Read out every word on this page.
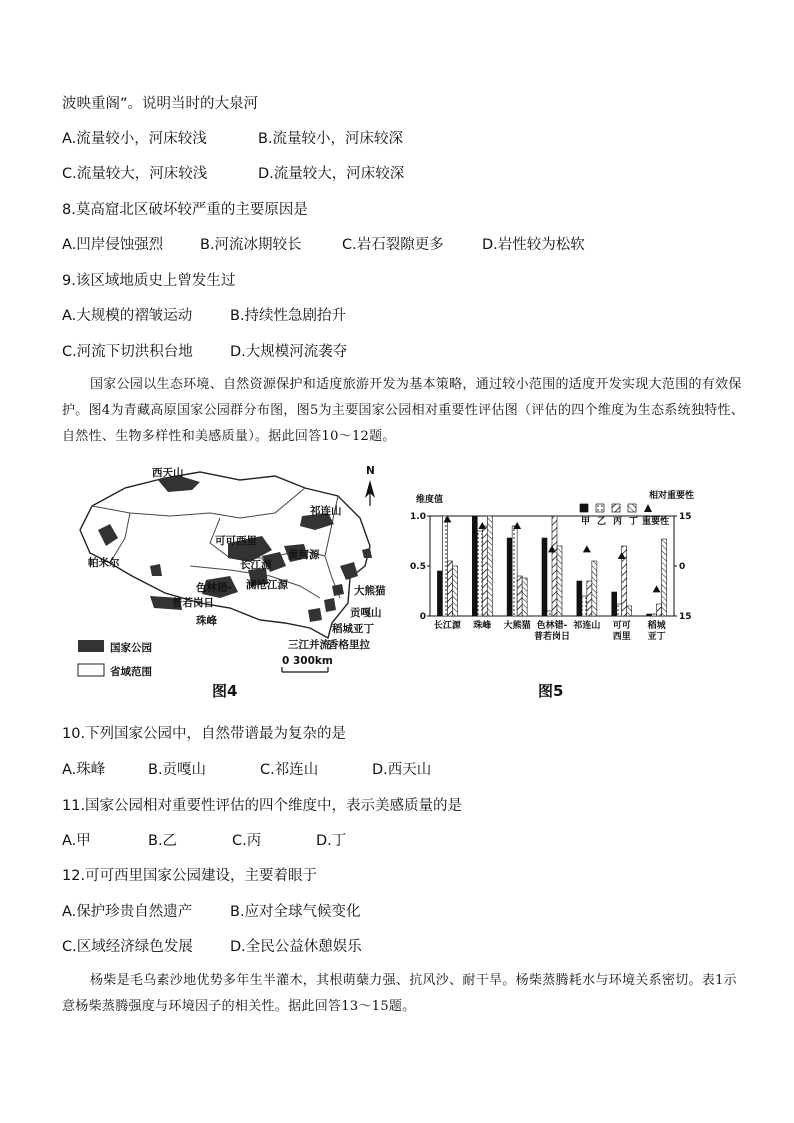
波映重阁”。说明当时的大泉河
A.流量较小，河床较浅	B.流量较小，河床较深
C.流量较大，河床较浅	D.流量较大，河床较深
8.莫高窟北区破坏较严重的主要原因是
A.凹岸侵蚀强烈	B.河流冰期较长	C.岩石裂隙更多	D.岩性较为松软
9.该区域地质史上曾发生过
A.大规模的褶皱运动	B.持续性急剧抬升
C.河流下切洪积台地	D.大规模河流袭夺
国家公园以生态环境、自然资源保护和适度旅游开发为基本策略，通过较小范围的适度开发实现大范围的有效保护。图4为青藏高原国家公园群分布图，图5为主要国家公园相对重要性评估图（评估的四个维度为生态系统独特性、自然性、生物多样性和美感质量）。据此回答10～12题。
N
西天山
祁连山
可可西里
帕米尔	长江源
黄河源
色林错-
普若岗日
澜沧江源	大熊猫
珠峰
贡嘎山
稻城亚丁
三江并流
香格里拉
国家公园
省域范围
0 300km
图4
1.0
0.5
0
15
0
15
维度值	相对重要性
甲 乙 丙 丁 重要性
长江源 珠峰 大熊猫 色林错-
普若岗日
祁连山 可可
西里
稻城
亚丁
图5
10.下列国家公园中，自然带谱最为复杂的是
A.珠峰	B.贡嘎山	C.祁连山	D.西天山
11.国家公园相对重要性评估的四个维度中，表示美感质量的是
A.甲	B.乙	C.丙	D.丁
12.可可西里国家公园建设，主要着眼于
A.保护珍贵自然遗产	B.应对全球气候变化
C.区域经济绿色发展	D.全民公益休憩娱乐
杨柴是毛乌素沙地优势多年生半灌木，其根萌蘖力强、抗风沙、耐干旱。杨柴蒸腾耗水与环境关系密切。表1示意杨柴蒸腾强度与环境因子的相关性。据此回答13～15题。
